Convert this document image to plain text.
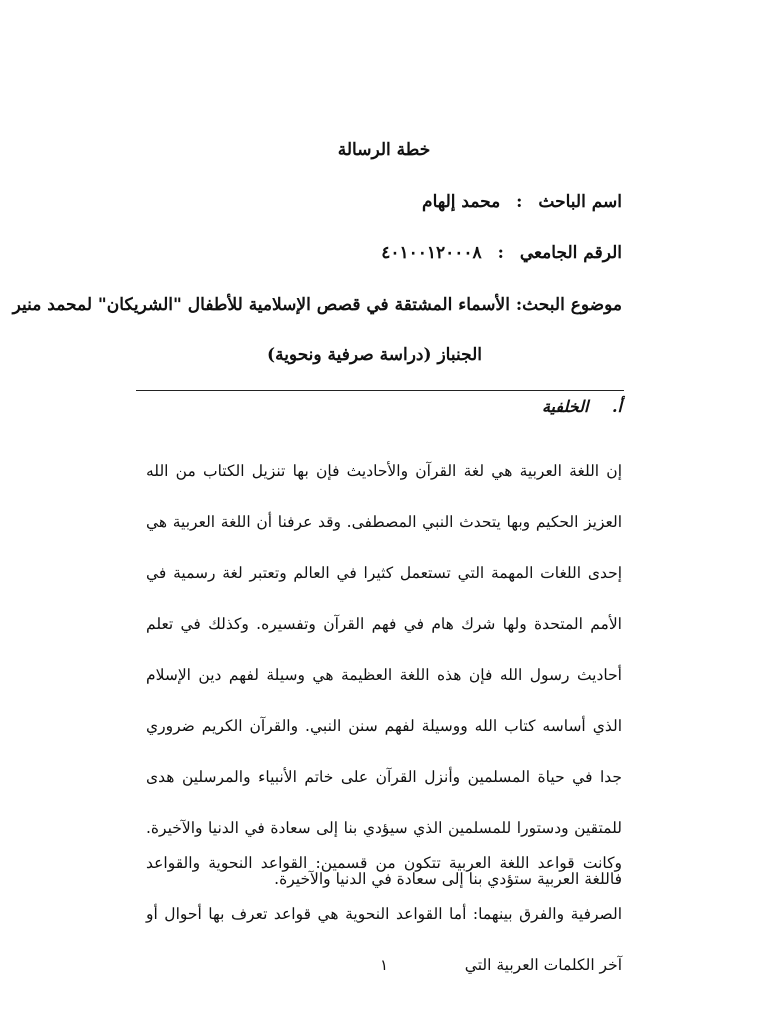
خطة الرسالة
اسم الباحث : محمد إلهام
الرقم الجامعي : ٤٠١٠٠١٢٠٠٠٨
موضوع البحث: الأسماء المشتقة في قصص الإسلامية للأطفال "الشريكان" لمحمد منير
الجنباز (دراسة صرفية ونحوية)
أ. الخلفية

إن اللغة العربية هي لغة القرآن والأحاديث فإن بها تنزيل الكتاب من الله العزيز الحكيم وبها يتحدث النبي المصطفى. وقد عرفنا أن اللغة العربية هي إحدى اللغات المهمة التي تستعمل كثيرا في العالم وتعتبر لغة رسمية في الأمم المتحدة ولها شرك هام في فهم القرآن وتفسيره. وكذلك في تعلم أحاديث رسول الله فإن هذه اللغة العظيمة هي وسيلة لفهم دين الإسلام الذي أساسه كتاب الله ووسيلة لفهم سنن النبي. والقرآن الكريم ضروري جدا في حياة المسلمين وأنزل القرآن على خاتم الأنبياء والمرسلين هدى للمتقين ودستورا للمسلمين الذي سيؤدي بنا إلى سعادة في الدنيا والآخيرة. فاللغة العربية ستؤدي بنا إلى سعادة في الدنيا والآخيرة.

وكانت قواعد اللغة العربية تتكون من قسمين: القواعد النحوية والقواعد الصرفية والفرق بينهما: أما القواعد النحوية هي قواعد تعرف بها أحوال أو آخر الكلمات العربية التي

١
